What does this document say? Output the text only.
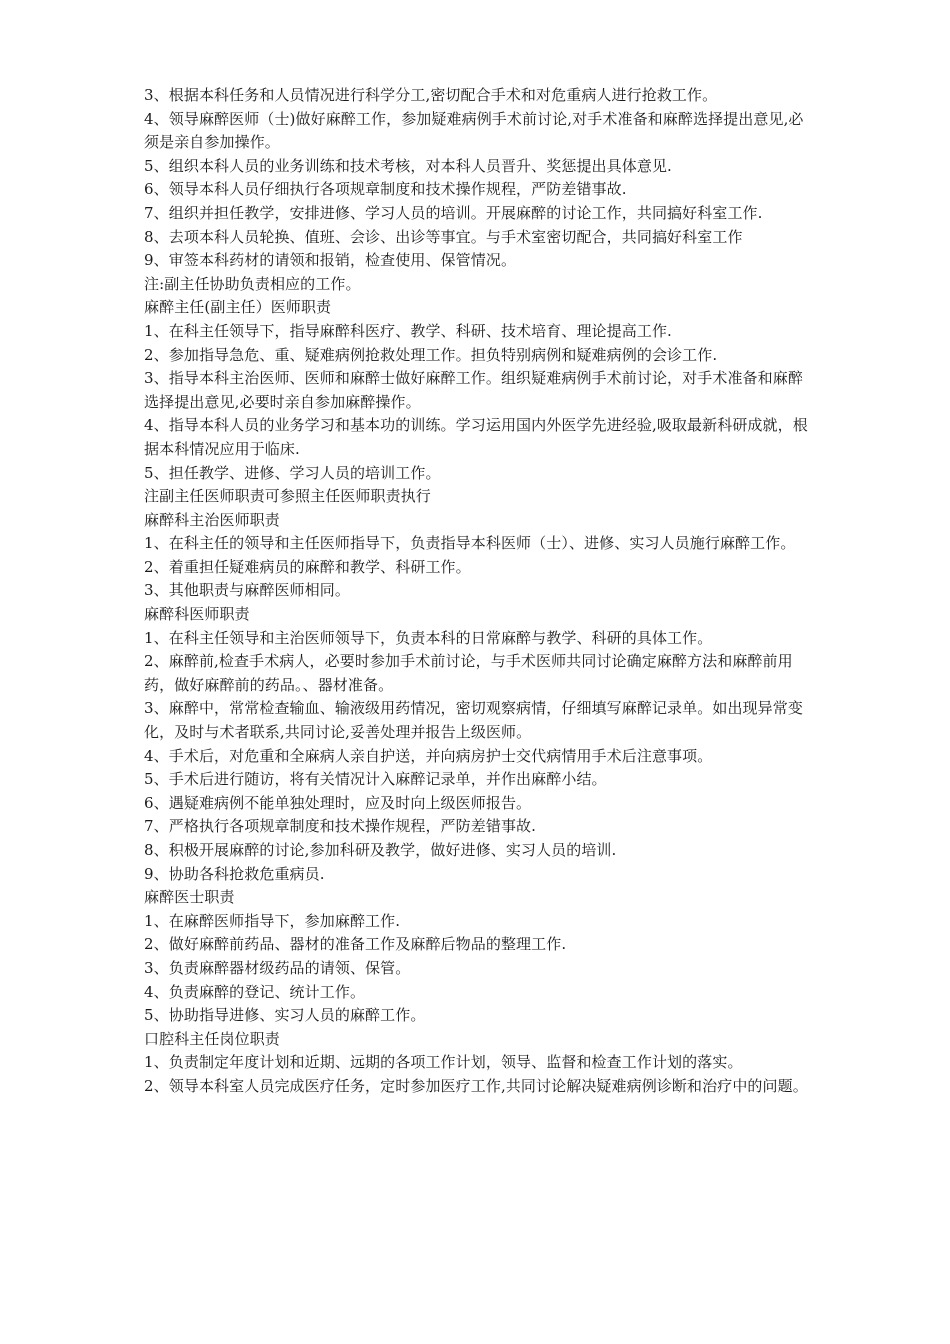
3、根据本科任务和人员情况进行科学分工,密切配合手术和对危重病人进行抢救工作。
4、领导麻醉医师（士)做好麻醉工作，参加疑难病例手术前讨论,对手术准备和麻醉选择提出意见,必须是亲自参加操作。
5、组织本科人员的业务训练和技术考核，对本科人员晋升、奖惩提出具体意见.
6、领导本科人员仔细执行各项规章制度和技术操作规程，严防差错事故.
7、组织并担任教学，安排进修、学习人员的培训。开展麻醉的讨论工作，共同搞好科室工作.
8、去项本科人员轮换、值班、会诊、出诊等事宜。与手术室密切配合，共同搞好科室工作
9、审签本科药材的请领和报销，检查使用、保管情况。
注:副主任协助负责相应的工作。
麻醉主任(副主任）医师职责
1、在科主任领导下，指导麻醉科医疗、教学、科研、技术培育、理论提高工作.
2、参加指导急危、重、疑难病例抢救处理工作。担负特别病例和疑难病例的会诊工作.
3、指导本科主治医师、医师和麻醉士做好麻醉工作。组织疑难病例手术前讨论，对手术准备和麻醉选择提出意见,必要时亲自参加麻醉操作。
4、指导本科人员的业务学习和基本功的训练。学习运用国内外医学先进经验,吸取最新科研成就，根据本科情况应用于临床.
5、担任教学、进修、学习人员的培训工作。
注副主任医师职责可参照主任医师职责执行
麻醉科主治医师职责
1、在科主任的领导和主任医师指导下，负责指导本科医师（士）、进修、实习人员施行麻醉工作。
2、着重担任疑难病员的麻醉和教学、科研工作。
3、其他职责与麻醉医师相同。
麻醉科医师职责
1、在科主任领导和主治医师领导下，负责本科的日常麻醉与教学、科研的具体工作。
2、麻醉前,检查手术病人，必要时参加手术前讨论，与手术医师共同讨论确定麻醉方法和麻醉前用药，做好麻醉前的药品。、器材准备。
3、麻醉中，常常检查输血、输液级用药情况，密切观察病情，仔细填写麻醉记录单。如出现异常变化，及时与术者联系,共同讨论,妥善处理并报告上级医师。
4、手术后，对危重和全麻病人亲自护送，并向病房护士交代病情用手术后注意事项。
5、手术后进行随访，将有关情况计入麻醉记录单，并作出麻醉小结。
6、遇疑难病例不能单独处理时，应及时向上级医师报告。
7、严格执行各项规章制度和技术操作规程，严防差错事故.
8、积极开展麻醉的讨论,参加科研及教学，做好进修、实习人员的培训.
9、协助各科抢救危重病员.
麻醉医士职责
1、在麻醉医师指导下，参加麻醉工作.
2、做好麻醉前药品、器材的准备工作及麻醉后物品的整理工作.
3、负责麻醉器材级药品的请领、保管。
4、负责麻醉的登记、统计工作。
5、协助指导进修、实习人员的麻醉工作。
口腔科主任岗位职责
1、负责制定年度计划和近期、远期的各项工作计划，领导、监督和检查工作计划的落实。
2、领导本科室人员完成医疗任务，定时参加医疗工作,共同讨论解决疑难病例诊断和治疗中的问题。
